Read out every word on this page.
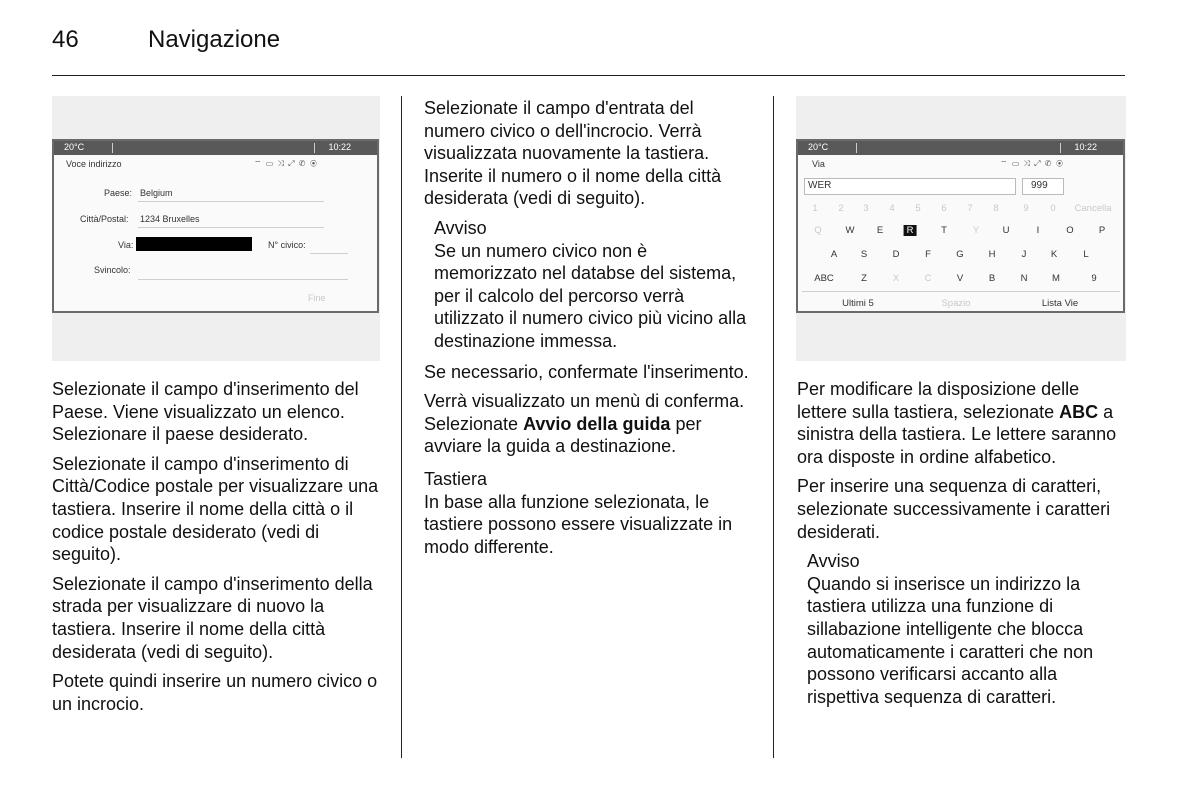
46	Navigazione
20°C	10:22
Voce indirizzo	⌔ ▭ ⤨ ⤢ ✆ ◉
Paese: Belgium
Città/Postal: 1234 Bruxelles
Via:	N° civico:
Svincolo:
Fine
20°C	10:22
Via	⌔ ▭ ⤨ ⤢ ✆ ◉
WER	999
1 2 3 4 5 6 7 8	9 0 Cancella
Q	W E	R	T	Y U	I	O	P
A S	D	F	G	H	J	K	L
ABC	Z	X	C	V	B	N	M	9
Ultimi 5	Spazio	Lista Vie

Selezionate il campo d'inserimento del Paese. Viene visualizzato un elenco. Selezionare il paese desiderato.

Selezionate il campo d'inserimento di Città/Codice postale per visualizzare una tastiera. Inserire il nome della città o il codice postale desiderato (vedi di seguito).

Selezionate il campo d'inserimento della strada per visualizzare di nuovo la tastiera. Inserire il nome della città desiderata (vedi di seguito).

Potete quindi inserire un numero civico o un incrocio.

Selezionate il campo d'entrata del numero civico o dell'incrocio. Verrà visualizzata nuovamente la tastiera. Inserite il numero o il nome della città desiderata (vedi di seguito).

Avviso
Se un numero civico non è memorizzato nel databse del sistema, per il calcolo del percorso verrà utilizzato il numero civico più vicino alla destinazione immessa.

Se necessario, confermate l'inserimento.

Verrà visualizzato un menù di conferma. Selezionate Avvio della guida per avviare la guida a destinazione.

Tastiera

In base alla funzione selezionata, le tastiere possono essere visualizzate in modo differente.

Per modificare la disposizione delle lettere sulla tastiera, selezionate ABC a sinistra della tastiera. Le lettere saranno ora disposte in ordine alfabetico.

Per inserire una sequenza di caratteri, selezionate successivamente i caratteri desiderati.

Avviso
Quando si inserisce un indirizzo la tastiera utilizza una funzione di sillabazione intelligente che blocca automaticamente i caratteri che non possono verificarsi accanto alla rispettiva sequenza di caratteri.
